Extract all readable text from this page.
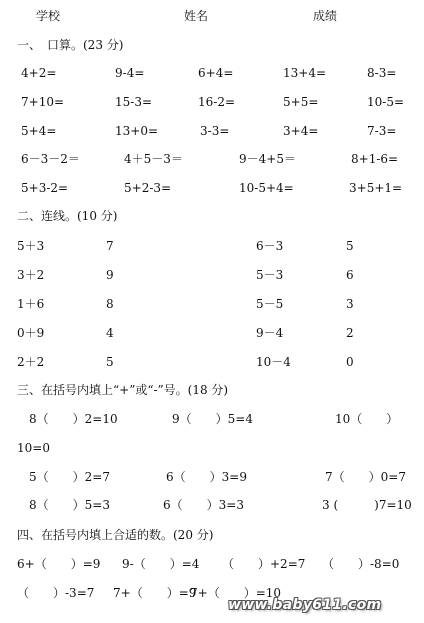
学校	姓名	成绩
一、　口算。(23 分)
4+2=	9-4=	6+4=	13+4=	8-3=
7+10=	15-3=	16-2=	5+5=	10-5=
5+4=	13+0=	3-3=	3+4=	7-3=
6－3－2＝	4＋5－3＝	9－4+5＝	8+1-6=
5+3-2=	5+2-3=	10-5+4=	3+5+1=
二、连线。(10 分)
5＋3	7	6－3	5
3＋2	9	5－3	6
1＋6	8	5－5	3
0＋9	4	9－4	2
2＋2	5	10－4	0
三、在括号内填上“+”或“-”号。(18 分)
8（　　）2=10	9（　　）5=4	10（　　）
10=0
5（　　）2=7	6（　　）3=9	7（　　）0=7
8（　　）5=3	6（　　）3=3	3 (　　　)7=10
四、在括号内填上合适的数。(20 分)
6+（　　）=9 9-（　　）=4 （　　）+2=7 （　　）-8=0
（　　）-3=7 7+（　　）=9
7+（　　）=10
www.baby611.com
